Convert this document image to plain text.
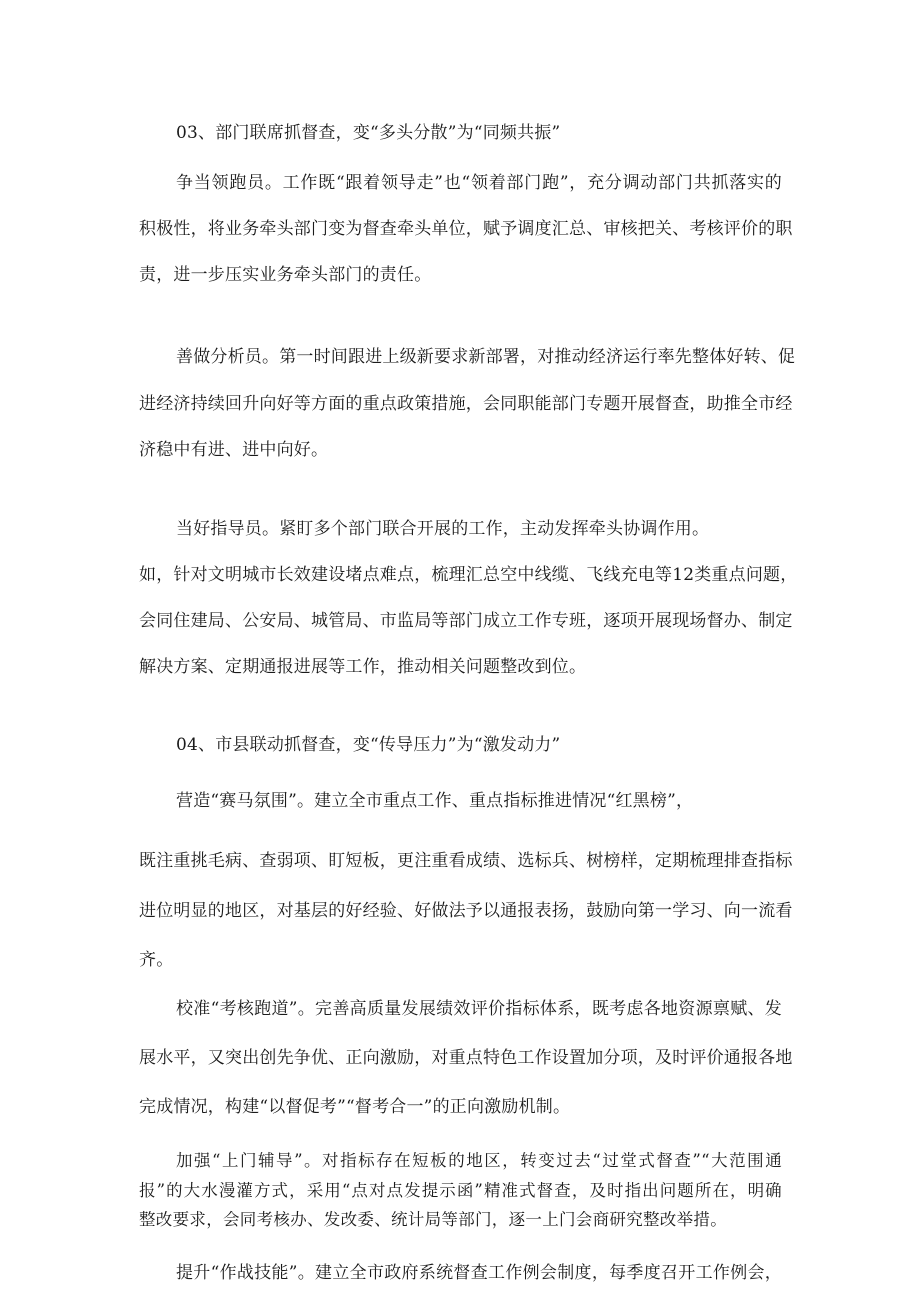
03、部门联席抓督查，变“多头分散”为“同频共振”
争当领跑员。工作既“跟着领导走”也“领着部门跑”，充分调动部门共抓落实的
积极性，将业务牵头部门变为督查牵头单位，赋予调度汇总、审核把关、考核评价的职
责，进一步压实业务牵头部门的责任。
善做分析员。第一时间跟进上级新要求新部署，对推动经济运行率先整体好转、促
进经济持续回升向好等方面的重点政策措施，会同职能部门专题开展督查，助推全市经
济稳中有进、进中向好。
当好指导员。紧盯多个部门联合开展的工作，主动发挥牵头协调作用。
如，针对文明城市长效建设堵点难点，梳理汇总空中线缆、飞线充电等12类重点问题，
会同住建局、公安局、城管局、市监局等部门成立工作专班，逐项开展现场督办、制定
解决方案、定期通报进展等工作，推动相关问题整改到位。
04、市县联动抓督查，变“传导压力”为“激发动力”
营造“赛马氛围”。建立全市重点工作、重点指标推进情况“红黑榜”，
既注重挑毛病、查弱项、盯短板，更注重看成绩、选标兵、树榜样，定期梳理排查指标
进位明显的地区，对基层的好经验、好做法予以通报表扬，鼓励向第一学习、向一流看
齐。
校准“考核跑道”。完善高质量发展绩效评价指标体系，既考虑各地资源禀赋、发
展水平，又突出创先争优、正向激励，对重点特色工作设置加分项，及时评价通报各地
完成情况，构建“以督促考”“督考合一”的正向激励机制。
加强“上门辅导”。对指标存在短板的地区，转变过去“过堂式督查”“大范围通
报”的大水漫灌方式，采用“点对点发提示函”精准式督查，及时指出问题所在，明确
整改要求，会同考核办、发改委、统计局等部门，逐一上门会商研究整改举措。
提升“作战技能”。建立全市政府系统督查工作例会制度，每季度召开工作例会，
